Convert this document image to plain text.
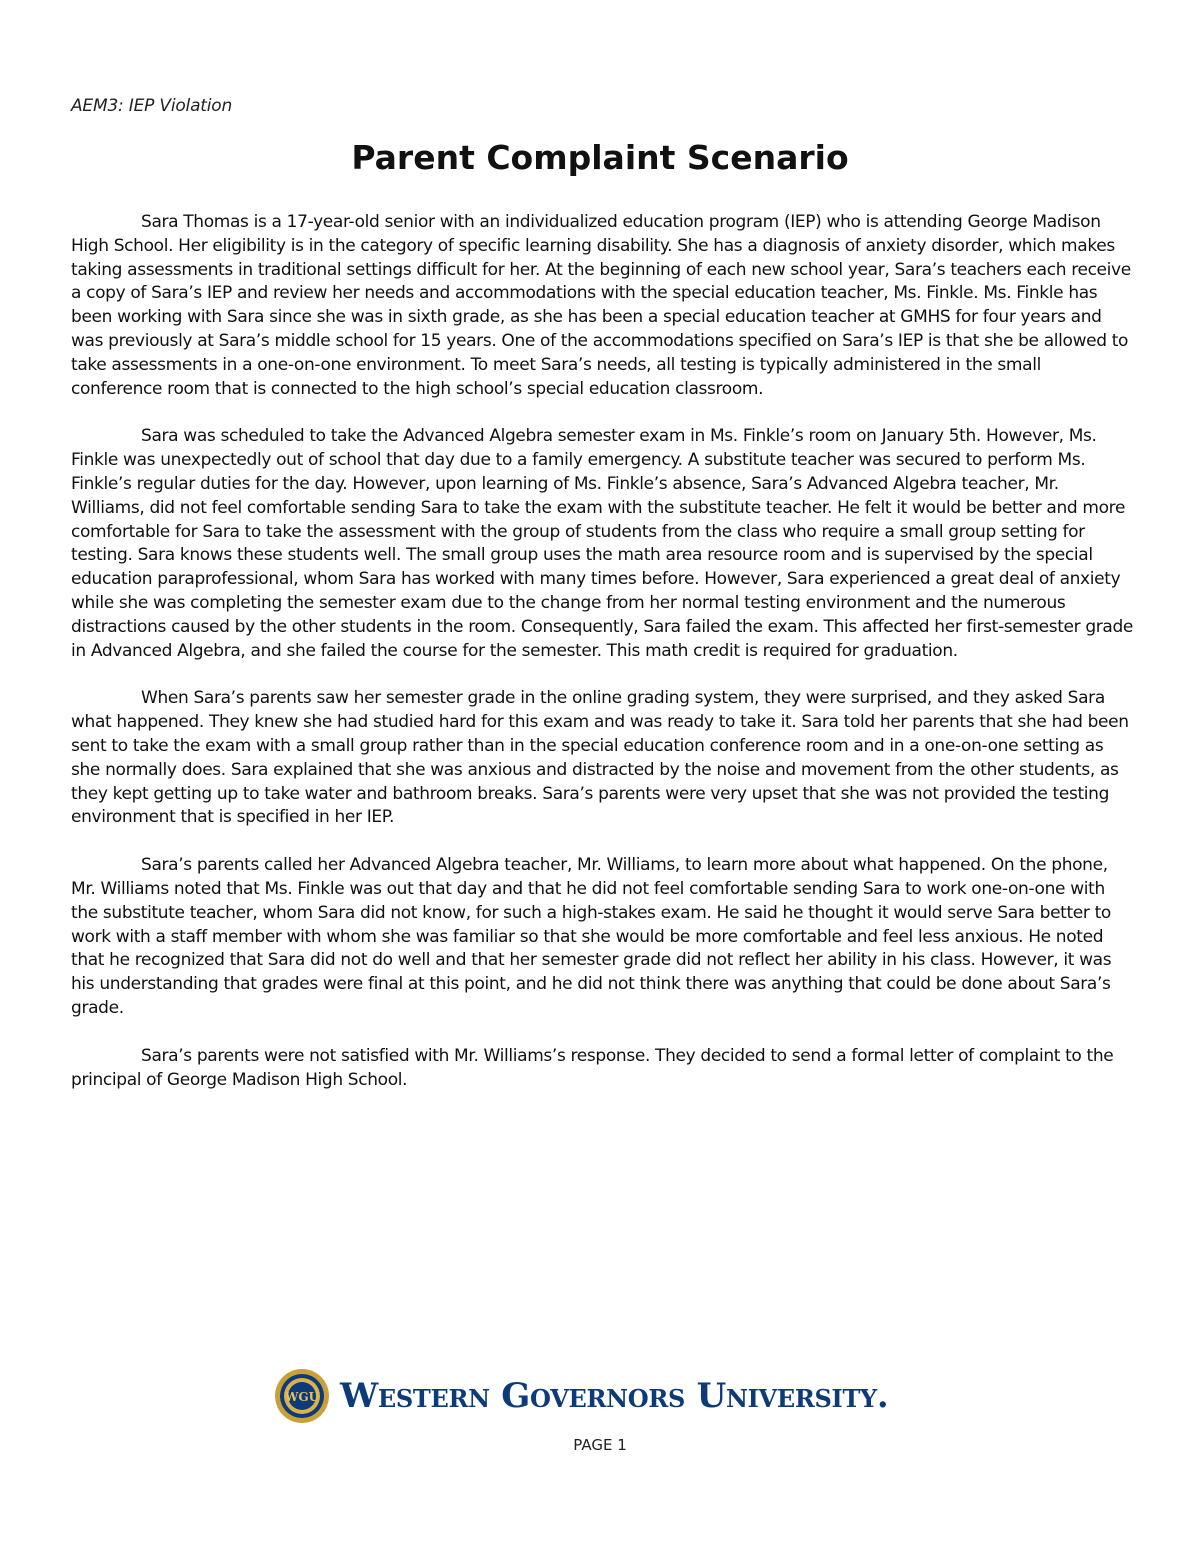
AEM3: IEP Violation
Parent Complaint Scenario

Sara Thomas is a 17-year-old senior with an individualized education program (IEP) who is attending George Madison High School. Her eligibility is in the category of specific learning disability. She has a diagnosis of anxiety disorder, which makes taking assessments in traditional settings difficult for her. At the beginning of each new school year, Sara’s teachers each receive a copy of Sara’s IEP and review her needs and accommodations with the special education teacher, Ms. Finkle. Ms. Finkle has been working with Sara since she was in sixth grade, as she has been a special education teacher at GMHS for four years and was previously at Sara’s middle school for 15 years. One of the accommodations specified on Sara’s IEP is that she be allowed to take assessments in a one-on-one environment. To meet Sara’s needs, all testing is typically administered in the small conference room that is connected to the high school’s special education classroom.

Sara was scheduled to take the Advanced Algebra semester exam in Ms. Finkle’s room on January 5th. However, Ms. Finkle was unexpectedly out of school that day due to a family emergency. A substitute teacher was secured to perform Ms. Finkle’s regular duties for the day. However, upon learning of Ms. Finkle’s absence, Sara’s Advanced Algebra teacher, Mr. Williams, did not feel comfortable sending Sara to take the exam with the substitute teacher. He felt it would be better and more comfortable for Sara to take the assessment with the group of students from the class who require a small group setting for testing. Sara knows these students well. The small group uses the math area resource room and is supervised by the special education paraprofessional, whom Sara has worked with many times before. However, Sara experienced a great deal of anxiety while she was completing the semester exam due to the change from her normal testing environment and the numerous distractions caused by the other students in the room. Consequently, Sara failed the exam. This affected her first-semester grade in Advanced Algebra, and she failed the course for the semester. This math credit is required for graduation.

When Sara’s parents saw her semester grade in the online grading system, they were surprised, and they asked Sara what happened. They knew she had studied hard for this exam and was ready to take it. Sara told her parents that she had been sent to take the exam with a small group rather than in the special education conference room and in a one-on-one setting as she normally does. Sara explained that she was anxious and distracted by the noise and movement from the other students, as they kept getting up to take water and bathroom breaks. Sara’s parents were very upset that she was not provided the testing environment that is specified in her IEP.

Sara’s parents called her Advanced Algebra teacher, Mr. Williams, to learn more about what happened. On the phone, Mr. Williams noted that Ms. Finkle was out that day and that he did not feel comfortable sending Sara to work one-on-one with the substitute teacher, whom Sara did not know, for such a high-stakes exam. He said he thought it would serve Sara better to work with a staff member with whom she was familiar so that she would be more comfortable and feel less anxious. He noted that he recognized that Sara did not do well and that her semester grade did not reflect her ability in his class. However, it was his understanding that grades were final at this point, and he did not think there was anything that could be done about Sara’s grade.

Sara’s parents were not satisfied with Mr. Williams’s response. They decided to send a formal letter of complaint to the principal of George Madison High School.

WGU Western Governors University.
PAGE 1
